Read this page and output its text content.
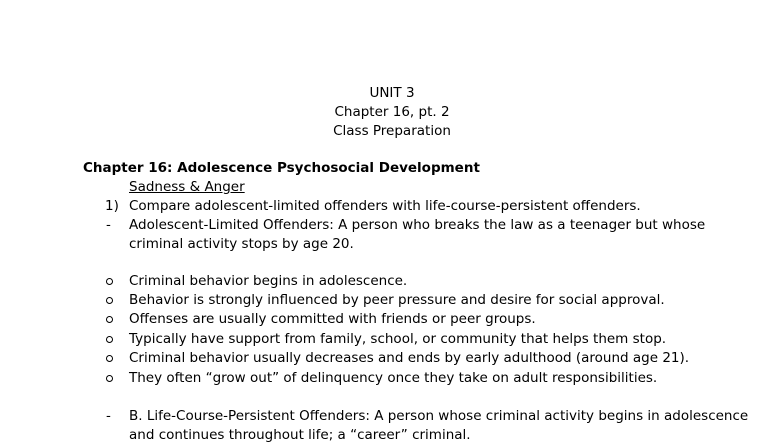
UNIT 3
Chapter 16, pt. 2
Class Preparation
Chapter 16: Adolescence Psychosocial Development
Sadness & Anger
1) Compare adolescent-limited offenders with life-course-persistent offenders.
- Adolescent-Limited Offenders: A person who breaks the law as a teenager but whose
criminal activity stops by age 20.
Criminal behavior begins in adolescence.
Behavior is strongly influenced by peer pressure and desire for social approval.
Offenses are usually committed with friends or peer groups.
Typically have support from family, school, or community that helps them stop.
Criminal behavior usually decreases and ends by early adulthood (around age 21).
They often “grow out” of delinquency once they take on adult responsibilities.
- B. Life-Course-Persistent Offenders: A person whose criminal activity begins in adolescence
and continues throughout life; a “career” criminal.
